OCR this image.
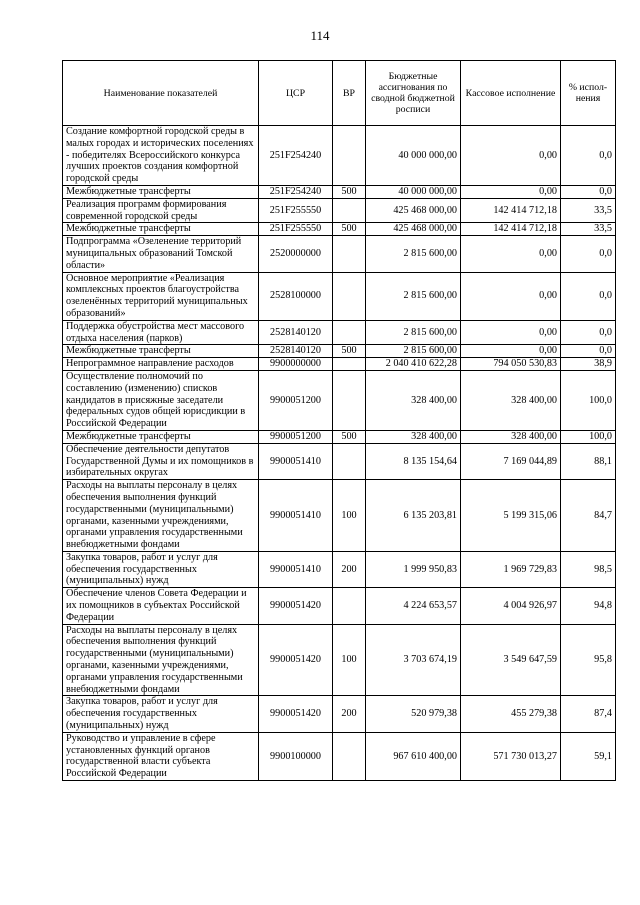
114
Наименование показателей	ЦСР	ВР	Бюджетные ассигнования по сводной бюджетной росписи	Кассовое исполнение	% испол-нения
Создание комфортной городской среды в малых городах и исторических поселениях - победителях Всероссийского конкурса лучших проектов создания комфортной городской среды	251F254240		40 000 000,00	0,00	0,0
Межбюджетные трансферты	251F254240	500	40 000 000,00	0,00	0,0
Реализация программ формирования современной городской среды	251F255550		425 468 000,00	142 414 712,18	33,5
Межбюджетные трансферты	251F255550	500	425 468 000,00	142 414 712,18	33,5
Подпрограмма «Озеленение территорий муниципальных образований Томской области»	2520000000		2 815 600,00	0,00	0,0
Основное мероприятие «Реализация комплексных проектов благоустройства озеленённых территорий муниципальных образований»	2528100000		2 815 600,00	0,00	0,0
Поддержка обустройства мест массового отдыха населения (парков)	2528140120		2 815 600,00	0,00	0,0
Межбюджетные трансферты	2528140120	500	2 815 600,00	0,00	0,0
Непрограммное направление расходов	9900000000		2 040 410 622,28	794 050 530,83	38,9
Осуществление полномочий по составлению (изменению) списков кандидатов в присяжные заседатели федеральных судов общей юрисдикции в Российской Федерации	9900051200		328 400,00	328 400,00	100,0
Межбюджетные трансферты	9900051200	500	328 400,00	328 400,00	100,0
Обеспечение деятельности депутатов Государственной Думы и их помощников в избирательных округах	9900051410		8 135 154,64	7 169 044,89	88,1
Расходы на выплаты персоналу в целях обеспечения выполнения функций государственными (муниципальными) органами, казенными учреждениями, органами управления государственными внебюджетными фондами	9900051410	100	6 135 203,81	5 199 315,06	84,7
Закупка товаров, работ и услуг для обеспечения государственных (муниципальных) нужд	9900051410	200	1 999 950,83	1 969 729,83	98,5
Обеспечение членов Совета Федерации и их помощников в субъектах Российской Федерации	9900051420		4 224 653,57	4 004 926,97	94,8
Расходы на выплаты персоналу в целях обеспечения выполнения функций государственными (муниципальными) органами, казенными учреждениями, органами управления государственными внебюджетными фондами	9900051420	100	3 703 674,19	3 549 647,59	95,8
Закупка товаров, работ и услуг для обеспечения государственных (муниципальных) нужд	9900051420	200	520 979,38	455 279,38	87,4
Руководство и управление в сфере установленных функций органов государственной власти субъекта Российской Федерации	9900100000		967 610 400,00	571 730 013,27	59,1
